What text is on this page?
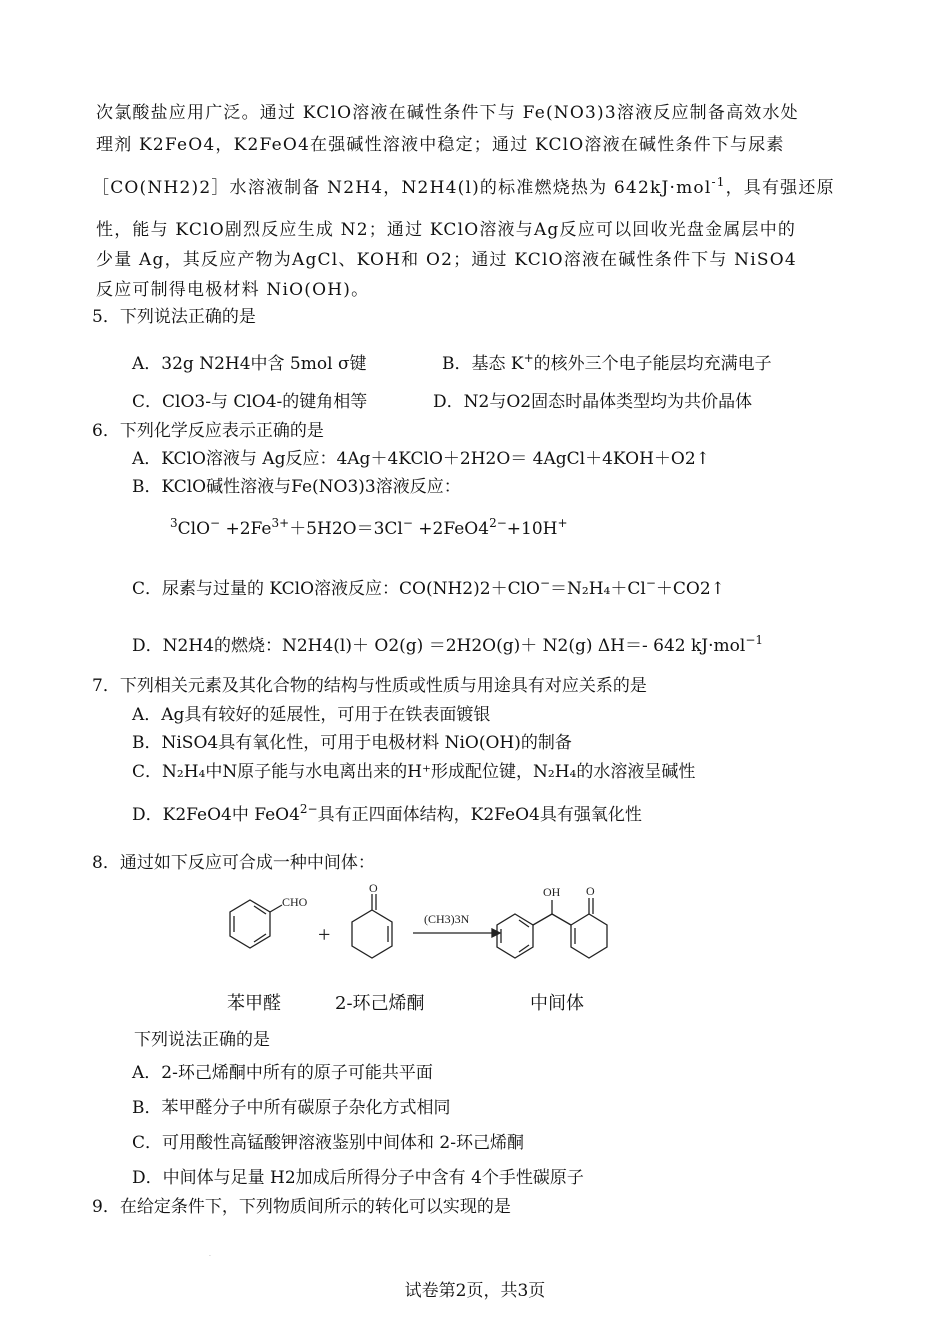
次氯酸盐应用广泛。通过 KClO溶液在碱性条件下与 Fe(NO3)3溶液反应制备高效水处
理剂 K2FeO4，K2FeO4在强碱性溶液中稳定；通过 KClO溶液在碱性条件下与尿素
［CO(NH2)2］水溶液制备 N2H4，N2H4(l)的标准燃烧热为 642kJ·mol$^{-1}$，具有强还原
性，能与 KClO剧烈反应生成 N2；通过 KClO溶液与Ag反应可以回收光盘金属层中的
少量 Ag，其反应产物为AgCl、KOH和 O2；通过 KClO溶液在碱性条件下与 NiSO4
反应可制得电极材料 NiO(OH)。
5．下列说法正确的是
A．32g N2H4中含 5mol σ键	B．基态 K+的核外三个电子能层均充满电子
C．ClO3-与 ClO4-的键角相等	D．N2与O2固态时晶体类型均为共价晶体
6．下列化学反应表示正确的是
A．KClO溶液与 Ag反应：4Ag＋4KClO＋2H2O＝ 4AgCl＋4KOH＋O2↑
B．KClO碱性溶液与Fe(NO3)3溶液反应：
$^3ClO^- +2Fe^{3+}+5H2O=3Cl^- +2FeO4^{2-}+10H^+$
C．尿素与过量的 KClO溶液反应：CO(NH2)2＋ClO−＝N₂H₄＋Cl−＋CO2↑
D．N2H4的燃烧：N2H4(l)＋ O2(g) ＝2H2O(g)＋ N2(g) ΔH＝- 642 kJ·mol$^{-1}$
7．下列相关元素及其化合物的结构与性质或性质与用途具有对应关系的是
A．Ag具有较好的延展性，可用于在铁表面镀银
B．NiSO4具有氧化性，可用于电极材料 NiO(OH)的制备
C．N₂H₄中N原子能与水电离出来的H⁺形成配位键，N₂H₄的水溶液呈碱性
D．K2FeO4中 $FeO4^{2-}$具有正四面体结构，K2FeO4具有强氧化性
8．通过如下反应可合成一种中间体：
CHO
+
O
(CH3)3N
OH O
苯甲醛	2-环己烯酮	中间体
下列说法正确的是
A．2-环己烯酮中所有的原子可能共平面
B．苯甲醛分子中所有碳原子杂化方式相同
C．可用酸性高锰酸钾溶液鉴别中间体和 2-环己烯酮
D．中间体与足量 H2加成后所得分子中含有 4个手性碳原子
9．在给定条件下，下列物质间所示的转化可以实现的是
·
试卷第2页，共3页
